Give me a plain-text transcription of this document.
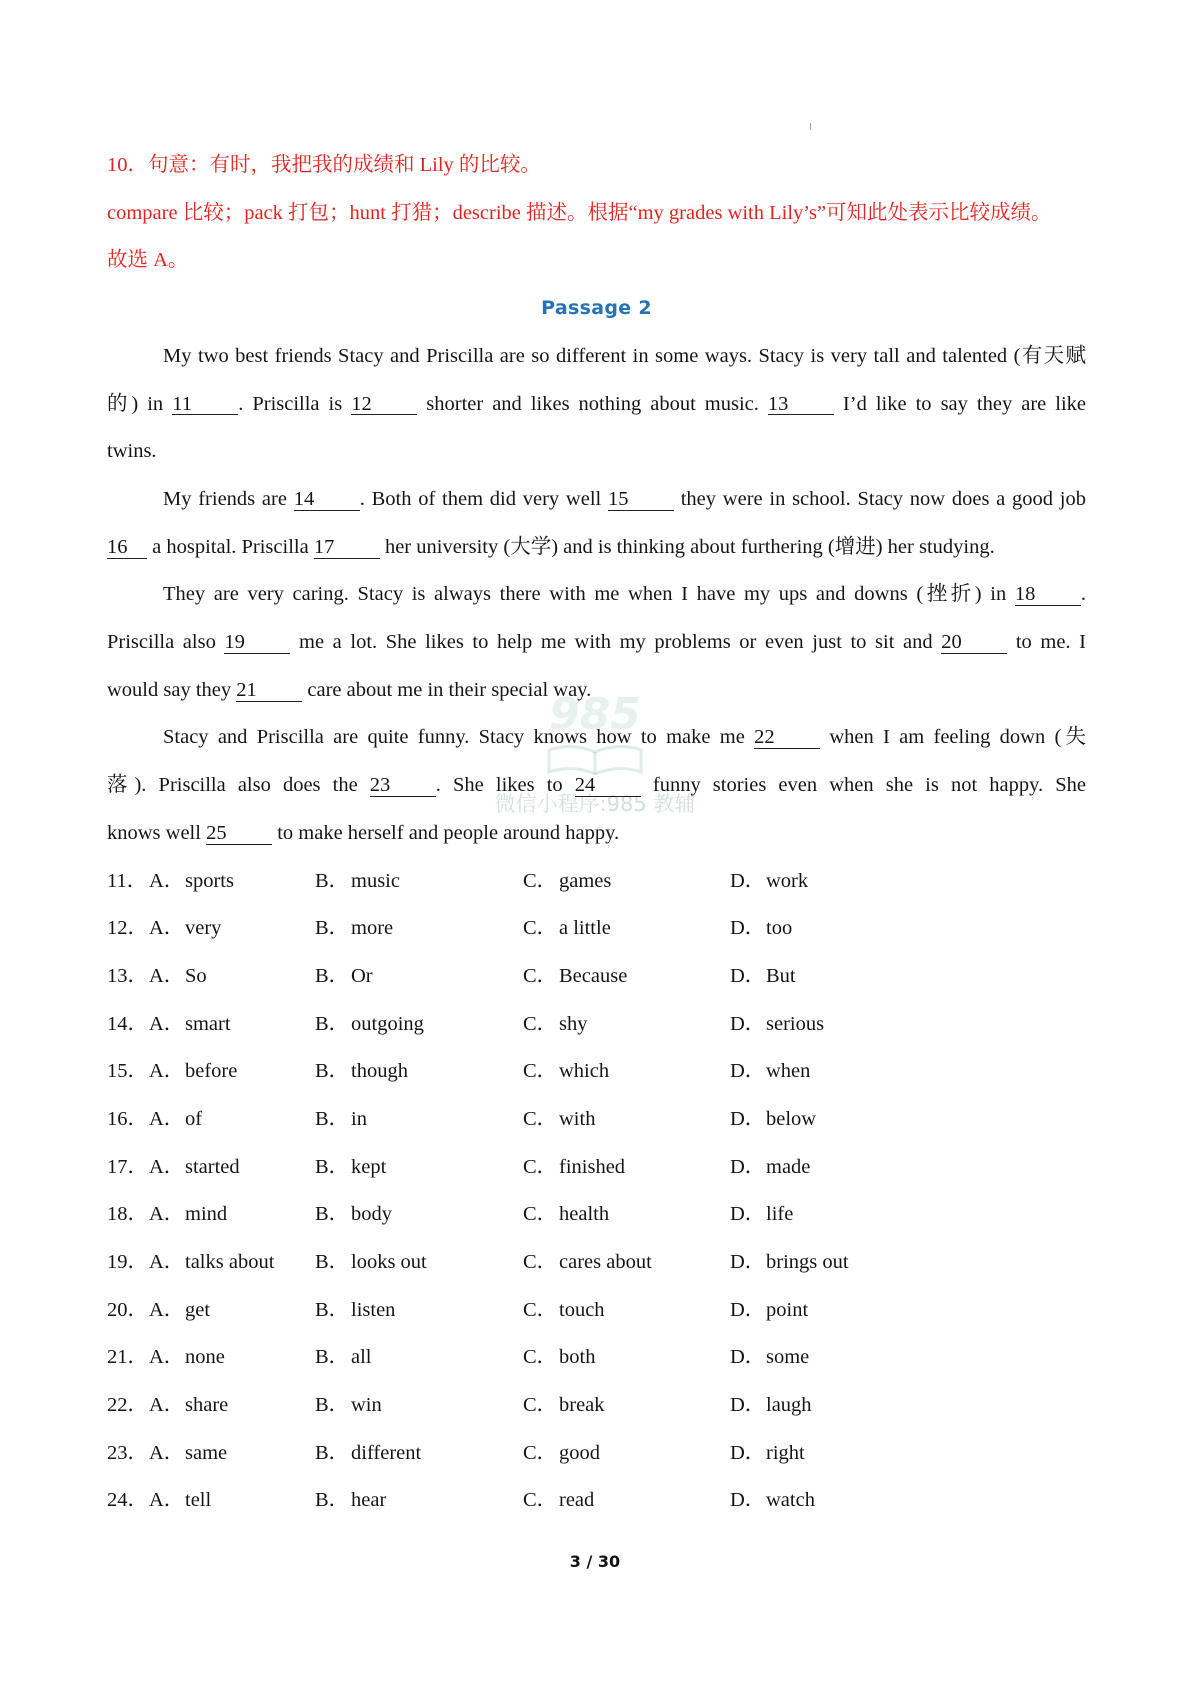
985
微信小程序:985 教辅
10．句意：有时，我把我的成绩和 Lily 的比较。
compare 比较；pack 打包；hunt 打猎；describe 描述。根据“my grades with Lily’s”可知此处表示比较成绩。
故选 A。
Passage 2
My two best friends Stacy and Priscilla are so different in some ways. Stacy is very tall and talented (有天赋
的) in 11 . Priscilla is 12 shorter and likes nothing about music. 13 I’d like to say they are like
twins.
My friends are 14 . Both of them did very well 15 they were in school. Stacy now does a good job
16 a hospital. Priscilla 17 her university (大学) and is thinking about furthering (增进) her studying.
They are very caring. Stacy is always there with me when I have my ups and downs (挫折) in 18 .
Priscilla also 19 me a lot. She likes to help me with my problems or even just to sit and 20 to me. I
would say they 21 care about me in their special way.
Stacy and Priscilla are quite funny. Stacy knows how to make me 22 when I am feeling down (失
落). Priscilla also does the 23 . She likes to 24 funny stories even when she is not happy. She
knows well 25 to make herself and people around happy.
11． A． sports	B． music	C． games	D． work
12． A． very	B． more	C． a little	D． too
13． A． So	B． Or	C． Because	D． But
14． A． smart	B． outgoing	C． shy	D． serious
15． A． before	B． though	C． which	D． when
16． A． of	B． in	C． with	D． below
17． A． started	B． kept	C． finished	D． made
18． A． mind	B． body	C． health	D． life
19． A． talks about B． looks out	C． cares about	D． brings out
20． A． get	B． listen	C． touch	D． point
21． A． none	B． all	C． both	D． some
22． A． share	B． win	C． break	D． laugh
23． A． same	B． different	C． good	D． right
24． A． tell	B． hear	C． read	D． watch
3 / 30
